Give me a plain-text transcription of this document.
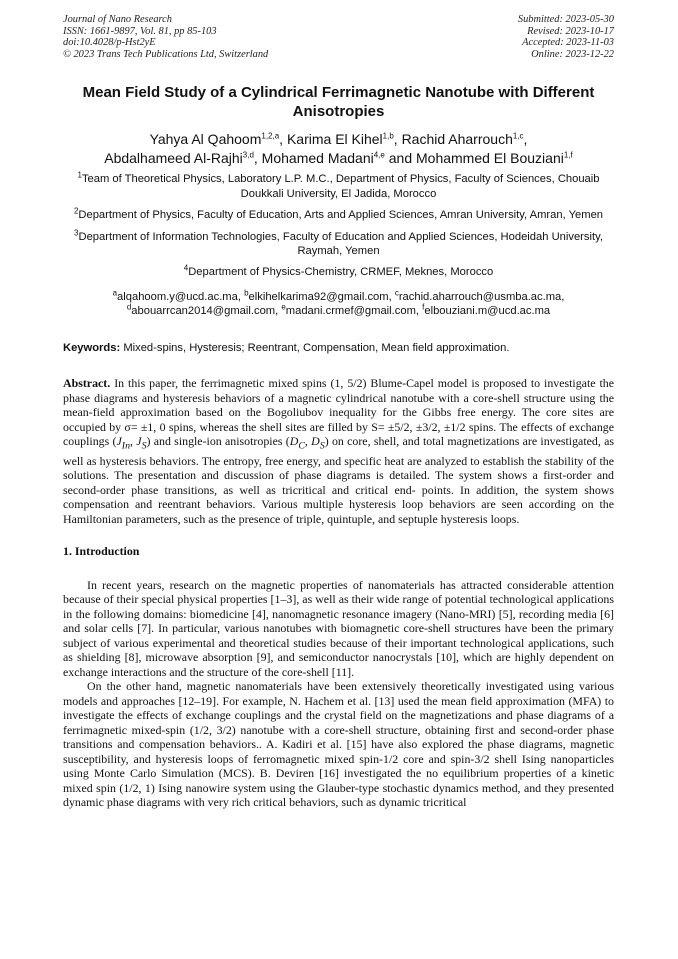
Journal of Nano Research
ISSN: 1661-9897, Vol. 81, pp 85-103
doi:10.4028/p-Hst2yE
© 2023 Trans Tech Publications Ltd, Switzerland
Submitted: 2023-05-30
Revised: 2023-10-17
Accepted: 2023-11-03
Online: 2023-12-22
Mean Field Study of a Cylindrical Ferrimagnetic Nanotube with Different Anisotropies
Yahya Al Qahoom$^{1,2,a}$, Karima El Kihel$^{1,b}$, Rachid Aharrouch$^{1,c}$,
Abdalhameed Al-Rajhi$^{3,d}$, Mohamed Madani$^{4,e}$ and Mohammed El Bouziani$^{1,f}$
$^1$Team of Theoretical Physics, Laboratory L.P. M.C., Department of Physics, Faculty of Sciences, Chouaib Doukkali University, El Jadida, Morocco
$^2$Department of Physics, Faculty of Education, Arts and Applied Sciences, Amran University, Amran, Yemen
$^3$Department of Information Technologies, Faculty of Education and Applied Sciences, Hodeidah University, Raymah, Yemen
$^4$Department of Physics-Chemistry, CRMEF, Meknes, Morocco
$^a$alqahoom.y@ucd.ac.ma, $^b$elkihelkarima92@gmail.com, $^c$rachid.aharrouch@usmba.ac.ma,
$^d$abouarrcan2014@gmail.com, $^e$madani.crmef@gmail.com, $^f$elbouziani.m@ucd.ac.ma
Keywords: Mixed-spins, Hysteresis; Reentrant, Compensation, Mean field approximation.
Abstract. In this paper, the ferrimagnetic mixed spins (1, 5/2) Blume-Capel model is proposed to investigate the phase diagrams and hysteresis behaviors of a magnetic cylindrical nanotube with a core-shell structure using the mean-field approximation based on the Bogoliubov inequality for the Gibbs free energy. The core sites are occupied by σ= ±1, 0 spins, whereas the shell sites are filled by S= ±5/2, ±3/2, ±1/2 spins. The effects of exchange couplings ($J_{In}$, $J_S$) and single-ion anisotropies ($D_C$, $D_S$) on core, shell, and total magnetizations are investigated, as well as hysteresis behaviors. The entropy, free energy, and specific heat are analyzed to establish the stability of the solutions. The presentation and discussion of phase diagrams is detailed. The system shows a first-order and second-order phase transitions, as well as tricritical and critical end- points. In addition, the system shows compensation and reentrant behaviors. Various multiple hysteresis loop behaviors are seen according on the Hamiltonian parameters, such as the presence of triple, quintuple, and septuple hysteresis loops.
1. Introduction
In recent years, research on the magnetic properties of nanomaterials has attracted considerable attention because of their special physical properties [1–3], as well as their wide range of potential technological applications in the following domains: biomedicine [4], nanomagnetic resonance imagery (Nano-MRI) [5], recording media [6] and solar cells [7]. In particular, various nanotubes with biomagnetic core-shell structures have been the primary subject of various experimental and theoretical studies because of their important technological applications, such as shielding [8], microwave absorption [9], and semiconductor nanocrystals [10], which are highly dependent on exchange interactions and the structure of the core-shell [11].
On the other hand, magnetic nanomaterials have been extensively theoretically investigated using various models and approaches [12–19]. For example, N. Hachem et al. [13] used the mean field approximation (MFA) to investigate the effects of exchange couplings and the crystal field on the magnetizations and phase diagrams of a ferrimagnetic mixed-spin (1/2, 3/2) nanotube with a core-shell structure, obtaining first and second-order phase transitions and compensation behaviors.. A. Kadiri et al. [15] have also explored the phase diagrams, magnetic susceptibility, and hysteresis loops of ferromagnetic mixed spin-1/2 core and spin-3/2 shell Ising nanoparticles using Monte Carlo Simulation (MCS). B. Deviren [16] investigated the no equilibrium properties of a kinetic mixed spin (1/2, 1) Ising nanowire system using the Glauber-type stochastic dynamics method, and they presented dynamic phase diagrams with very rich critical behaviors, such as dynamic tricritical
